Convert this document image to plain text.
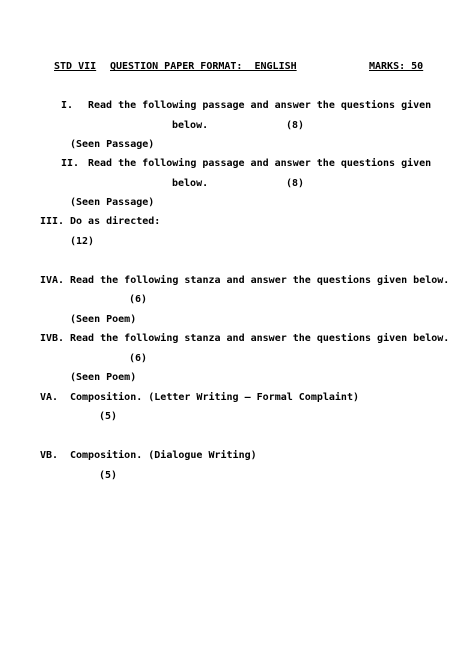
STD VII QUESTION PAPER FORMAT:  ENGLISH	MARKS: 50
I. Read the following passage and answer the questions given
below.	(8)
(Seen Passage)
II. Read the following passage and answer the questions given
below.	(8)
(Seen Passage)
III. Do as directed:
(12)
IVA. Read the following stanza and answer the questions given below.
(6)
(Seen Poem)
IVB. Read the following stanza and answer the questions given below.
(6)
(Seen Poem)
VA. Composition. (Letter Writing – Formal Complaint)
(5)
VB. Composition. (Dialogue Writing)
(5)
